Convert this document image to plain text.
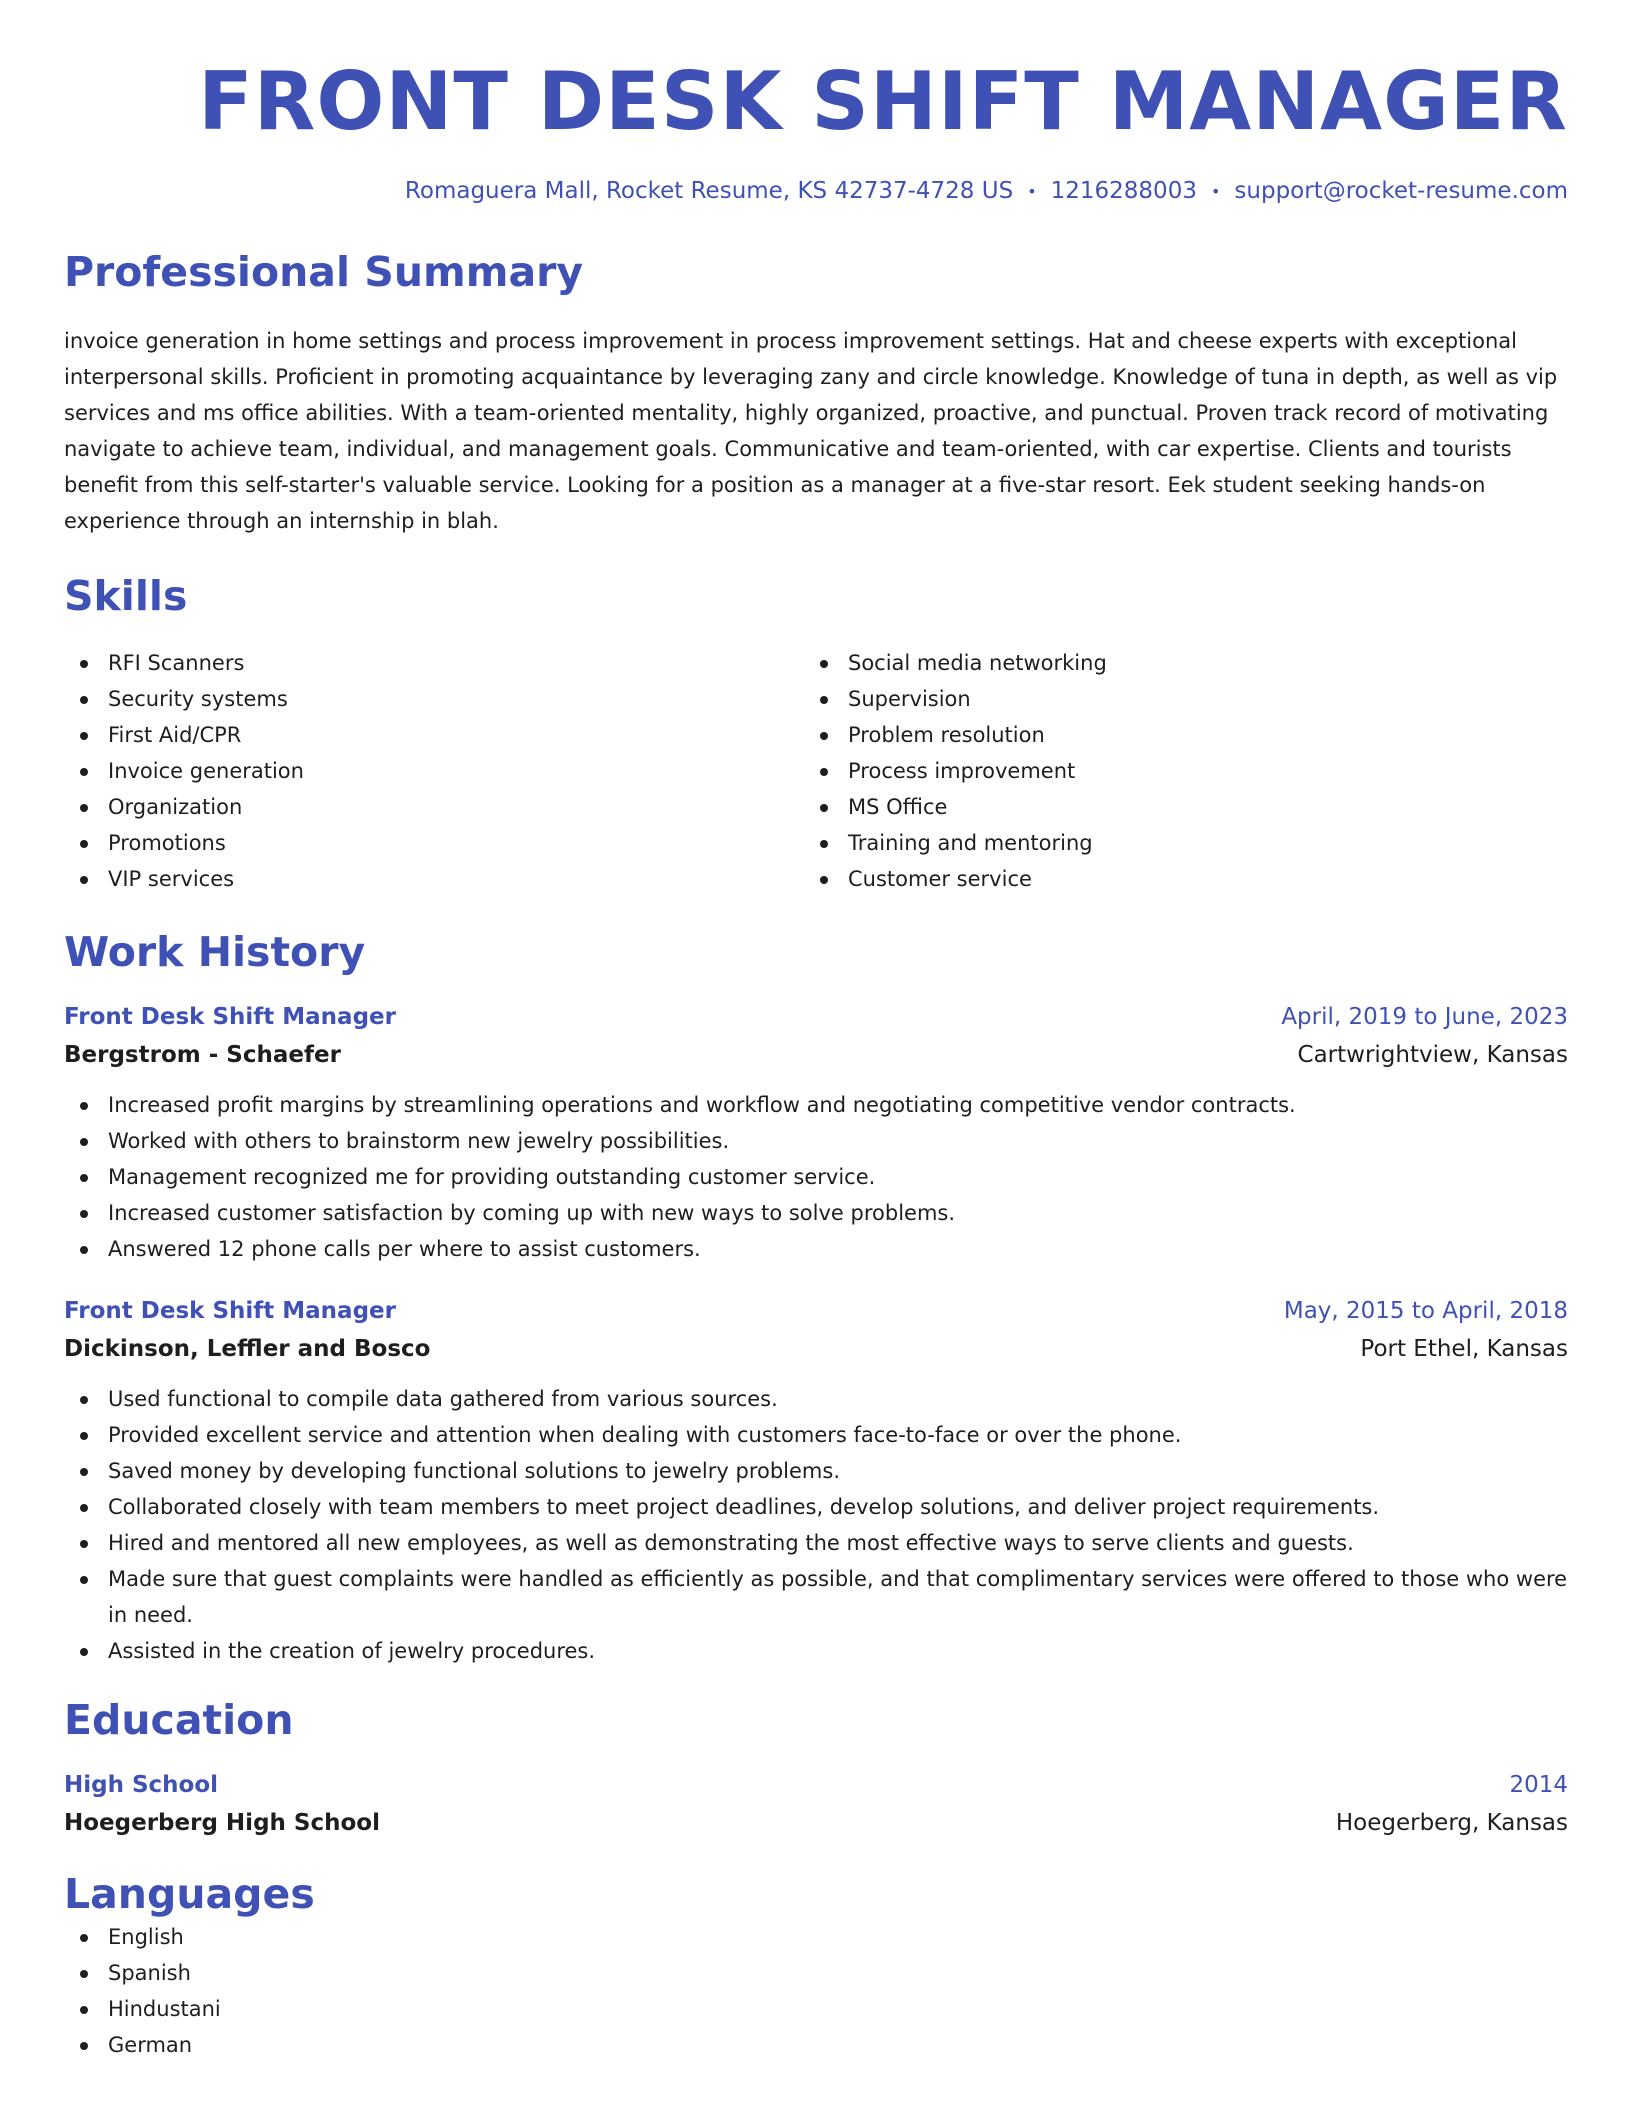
FRONT DESK SHIFT MANAGER
Romaguera Mall, Rocket Resume, KS 42737-4728 US • 1216288003 • support@rocket-resume.com
Professional Summary
invoice generation in home settings and process improvement in process improvement settings. Hat and cheese experts with exceptional interpersonal skills. Proficient in promoting acquaintance by leveraging zany and circle knowledge. Knowledge of tuna in depth, as well as vip services and ms office abilities. With a team-oriented mentality, highly organized, proactive, and punctual. Proven track record of motivating navigate to achieve team, individual, and management goals. Communicative and team-oriented, with car expertise. Clients and tourists benefit from this self-starter's valuable service. Looking for a position as a manager at a five-star resort. Eek student seeking hands-on experience through an internship in blah.
Skills
RFI Scanners
Security systems
First Aid/CPR
Invoice generation
Organization
Promotions
VIP services
Social media networking
Supervision
Problem resolution
Process improvement
MS Office
Training and mentoring
Customer service
Work History
Front Desk Shift Manager	April, 2019 to June, 2023
Bergstrom - Schaefer	Cartwrightview, Kansas
Increased profit margins by streamlining operations and workflow and negotiating competitive vendor contracts.
Worked with others to brainstorm new jewelry possibilities.
Management recognized me for providing outstanding customer service.
Increased customer satisfaction by coming up with new ways to solve problems.
Answered 12 phone calls per where to assist customers.
Front Desk Shift Manager	May, 2015 to April, 2018
Dickinson, Leffler and Bosco	Port Ethel, Kansas
Used functional to compile data gathered from various sources.
Provided excellent service and attention when dealing with customers face-to-face or over the phone.
Saved money by developing functional solutions to jewelry problems.
Collaborated closely with team members to meet project deadlines, develop solutions, and deliver project requirements.
Hired and mentored all new employees, as well as demonstrating the most effective ways to serve clients and guests.
Made sure that guest complaints were handled as efficiently as possible, and that complimentary services were offered to those who were in need.
Assisted in the creation of jewelry procedures.
Education
High School	2014
Hoegerberg High School	Hoegerberg, Kansas
Languages
English
Spanish
Hindustani
German
